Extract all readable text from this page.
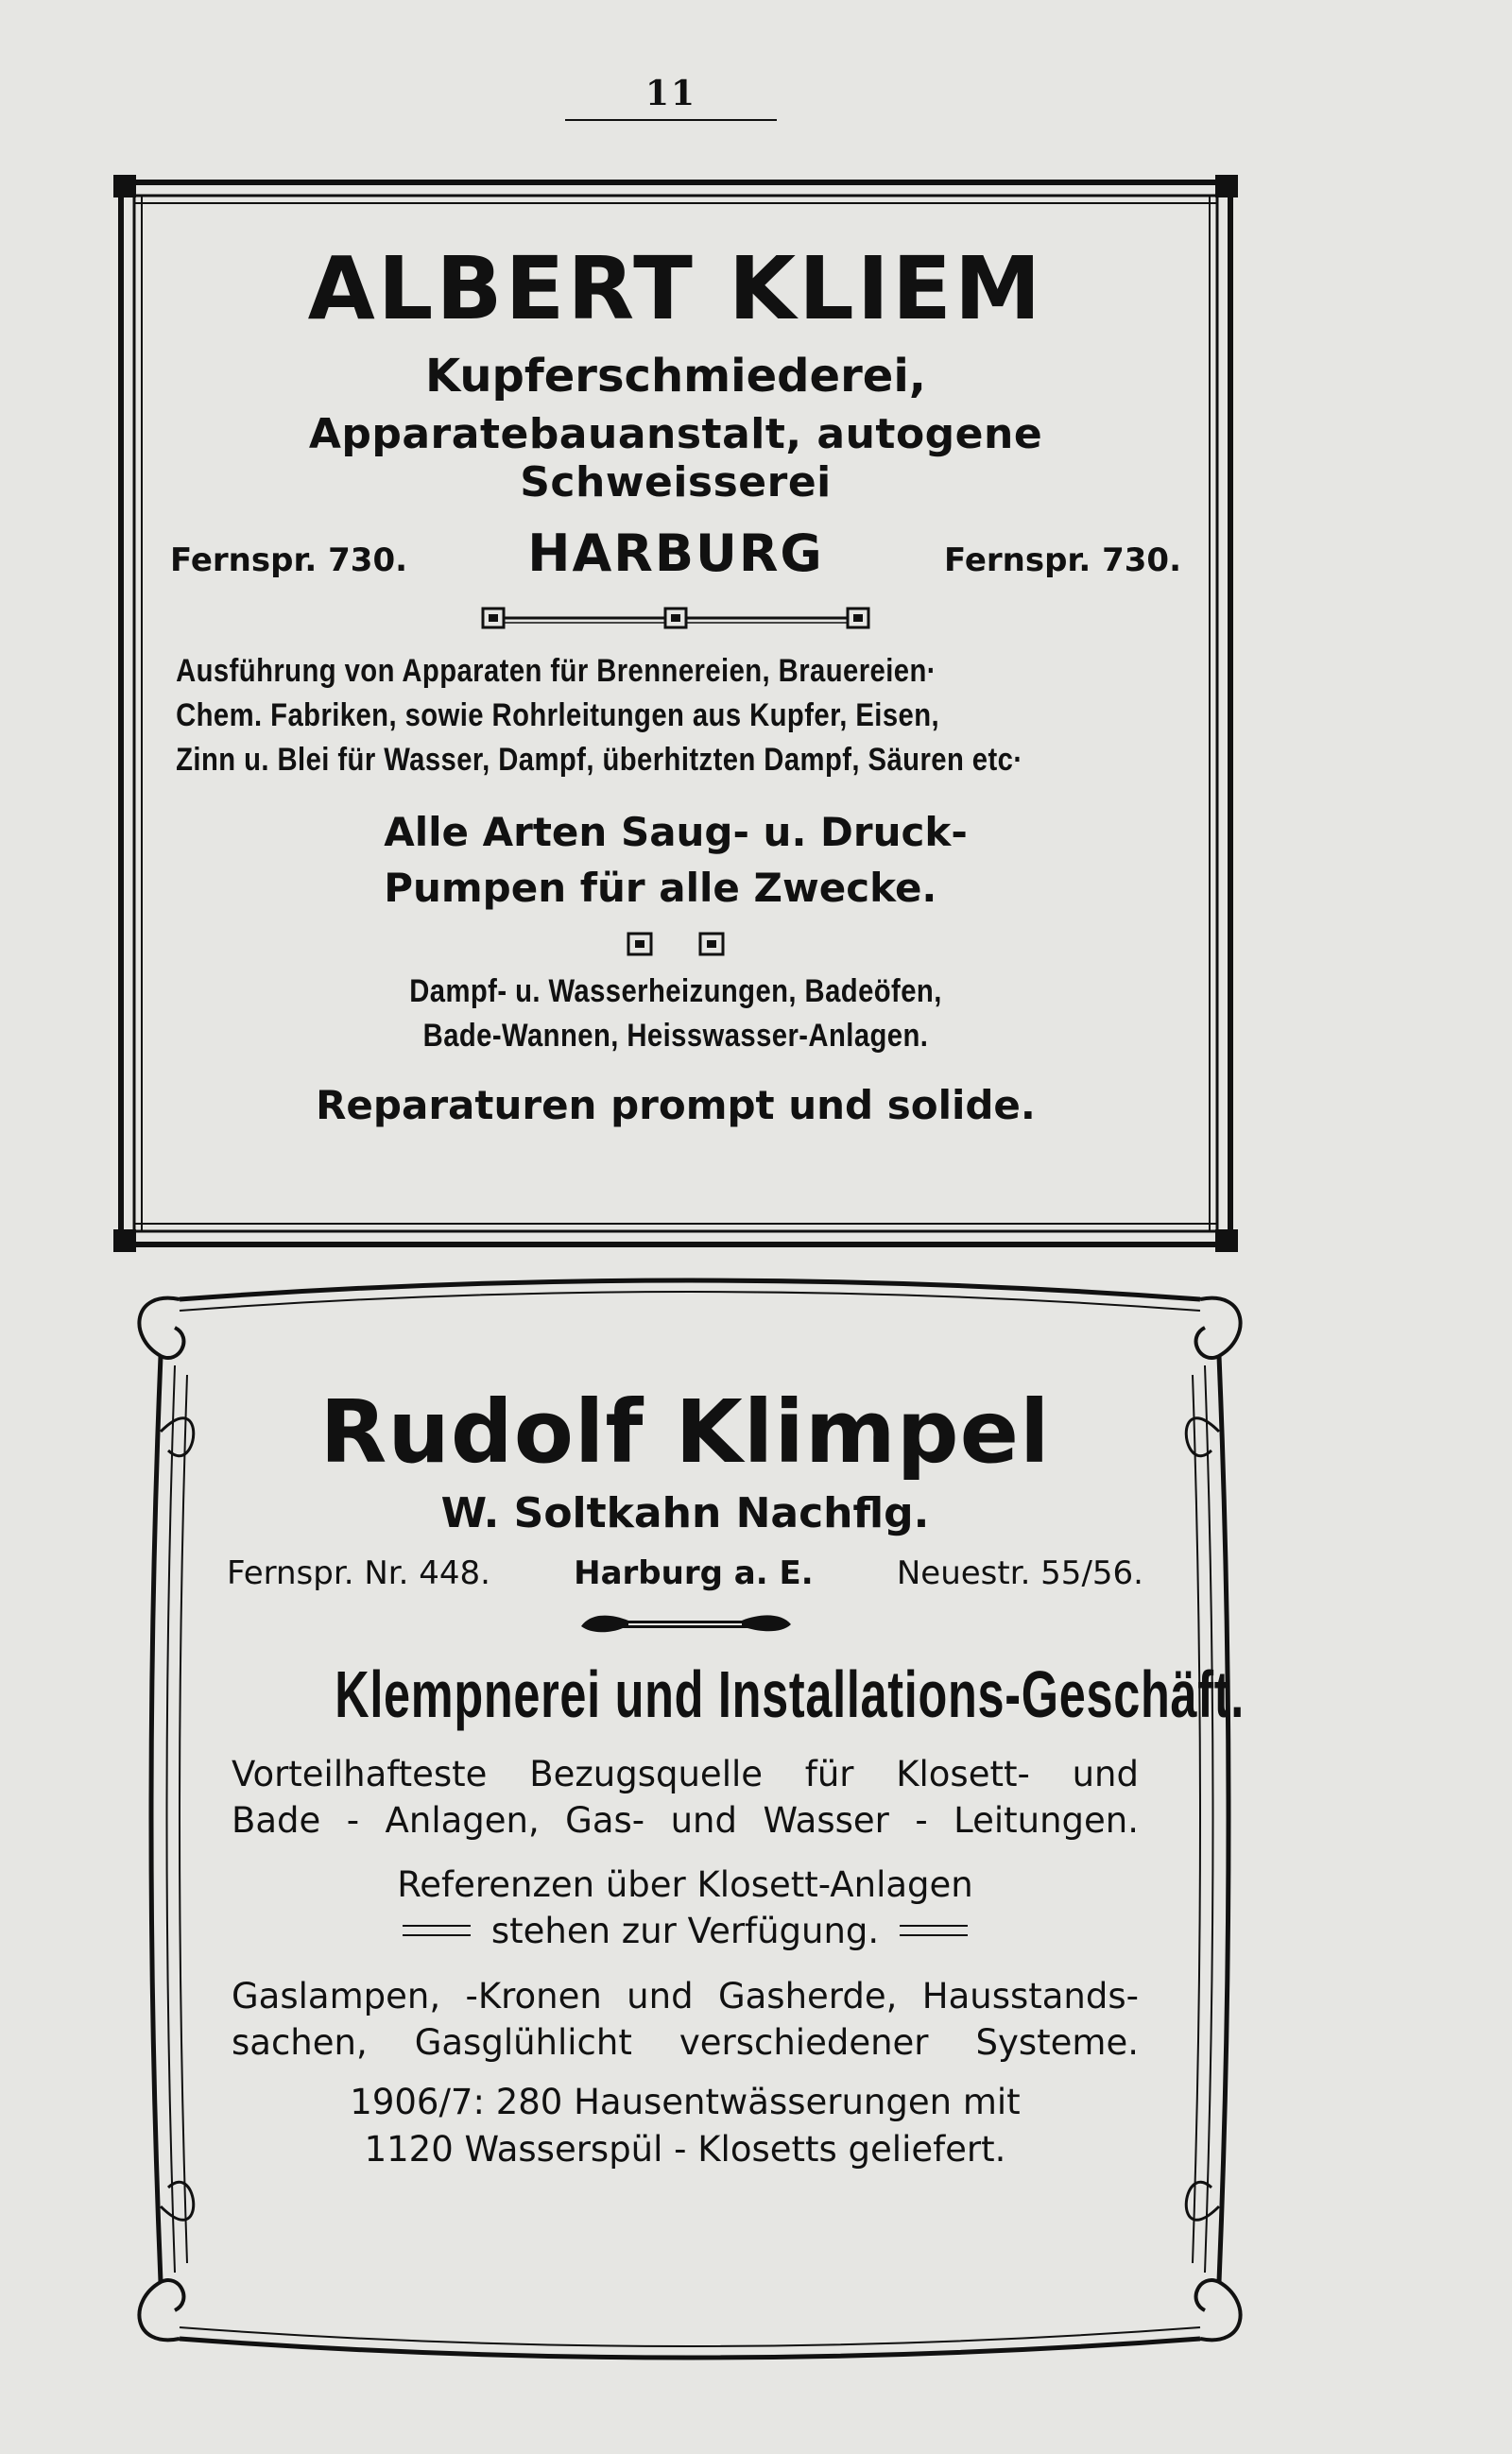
11
ALBERT KLIEM
Kupferschmiederei,
Apparatebauanstalt, autogene Schweisserei
Fernspr. 730. HARBURG	Fernspr. 730.
Ausführung von Apparaten für Brennereien, Brauereien·
Chem. Fabriken, sowie Rohrleitungen aus Kupfer, Eisen,
Zinn u. Blei für Wasser, Dampf, überhitzten Dampf, Säuren etc·
Alle Arten Saug- u. Druck-
Pumpen für alle Zwecke.
Dampf- u. Wasserheizungen, Badeöfen,
Bade-Wannen, Heisswasser-Anlagen.
Reparaturen prompt und solide.
Rudolf Klimpel
W. Soltkahn Nachflg.
Fernspr. Nr. 448.	Harburg a. E.	Neuestr. 55/56.
Klempnerei und Installations-Geschäft.
Vorteilhafteste Bezugsquelle für Klosett- und
Bade - Anlagen, Gas- und Wasser - Leitungen.
Referenzen über Klosett-Anlagen
stehen zur Verfügung.
Gaslampen, -Kronen und Gasherde, Hausstands-
sachen, Gasglühlicht verschiedener Systeme.
1906/7: 280 Hausentwässerungen mit
1120 Wasserspül - Klosetts geliefert.
